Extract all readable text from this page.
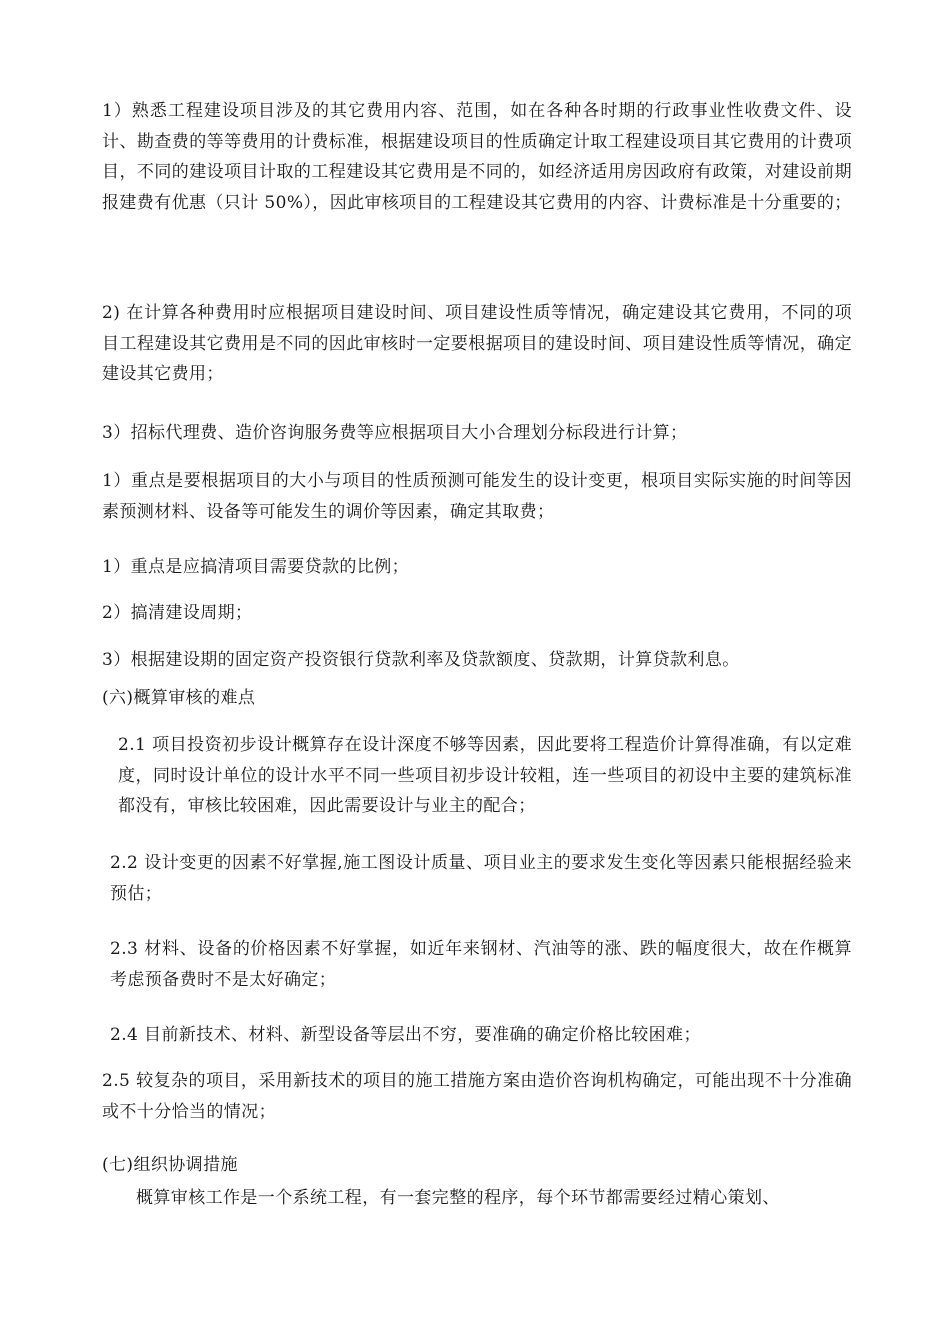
1）熟悉工程建设项目涉及的其它费用内容、范围，如在各种各时期的行政事业性收费文件、设计、勘查费的等等费用的计费标准，根据建设项目的性质确定计取工程建设项目其它费用的计费项目，不同的建设项目计取的工程建设其它费用是不同的，如经济适用房因政府有政策，对建设前期报建费有优惠（只计 50%），因此审核项目的工程建设其它费用的内容、计费标准是十分重要的；

2) 在计算各种费用时应根据项目建设时间、项目建设性质等情况，确定建设其它费用，不同的项目工程建设其它费用是不同的因此审核时一定要根据项目的建设时间、项目建设性质等情况，确定建设其它费用；

3）招标代理费、造价咨询服务费等应根据项目大小合理划分标段进行计算；

1）重点是要根据项目的大小与项目的性质预测可能发生的设计变更，根项目实际实施的时间等因素预测材料、设备等可能发生的调价等因素，确定其取费；

1）重点是应搞清项目需要贷款的比例；

2）搞清建设周期；

3）根据建设期的固定资产投资银行贷款利率及贷款额度、贷款期，计算贷款利息。

(六)概算审核的难点

2.1 项目投资初步设计概算存在设计深度不够等因素，因此要将工程造价计算得准确，有以定难度，同时设计单位的设计水平不同一些项目初步设计较粗，连一些项目的初设中主要的建筑标准都没有，审核比较困难，因此需要设计与业主的配合；

2.2 设计变更的因素不好掌握,施工图设计质量、项目业主的要求发生变化等因素只能根据经验来预估；

2.3 材料、设备的价格因素不好掌握，如近年来钢材、汽油等的涨、跌的幅度很大，故在作概算考虑预备费时不是太好确定；

2.4 目前新技术、材料、新型设备等层出不穷，要准确的确定价格比较困难；

2.5 较复杂的项目，采用新技术的项目的施工措施方案由造价咨询机构确定，可能出现不十分准确或不十分恰当的情况；

(七)组织协调措施

概算审核工作是一个系统工程，有一套完整的程序，每个环节都需要经过精心策划、
